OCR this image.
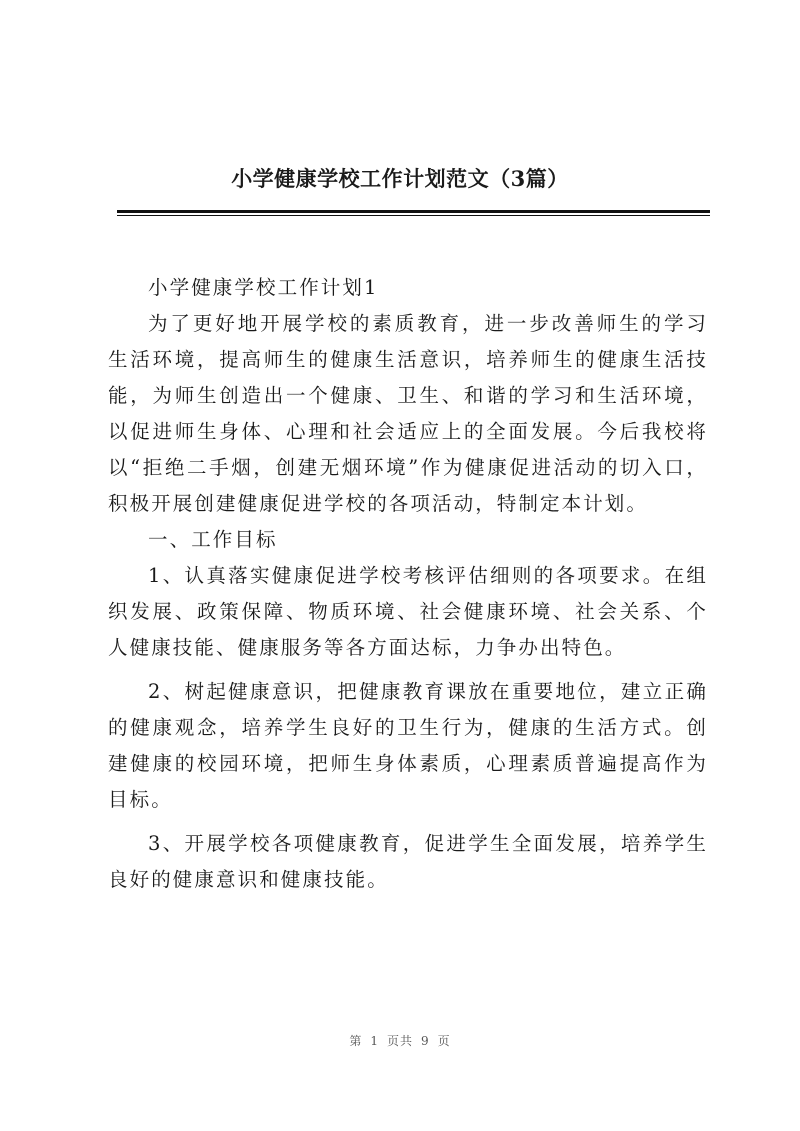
小学健康学校工作计划范文（3篇）

小学健康学校工作计划1

为了更好地开展学校的素质教育，进一步改善师生的学习生活环境，提高师生的健康生活意识，培养师生的健康生活技能，为师生创造出一个健康、卫生、和谐的学习和生活环境，以促进师生身体、心理和社会适应上的全面发展。今后我校将以“拒绝二手烟，创建无烟环境”作为健康促进活动的切入口，积极开展创建健康促进学校的各项活动，特制定本计划。

一、工作目标

1、认真落实健康促进学校考核评估细则的各项要求。在组织发展、政策保障、物质环境、社会健康环境、社会关系、个人健康技能、健康服务等各方面达标，力争办出特色。

2、树起健康意识，把健康教育课放在重要地位，建立正确的健康观念，培养学生良好的卫生行为，健康的生活方式。创建健康的校园环境，把师生身体素质，心理素质普遍提高作为目标。

3、开展学校各项健康教育，促进学生全面发展，培养学生良好的健康意识和健康技能。

第 1 页共 9 页
